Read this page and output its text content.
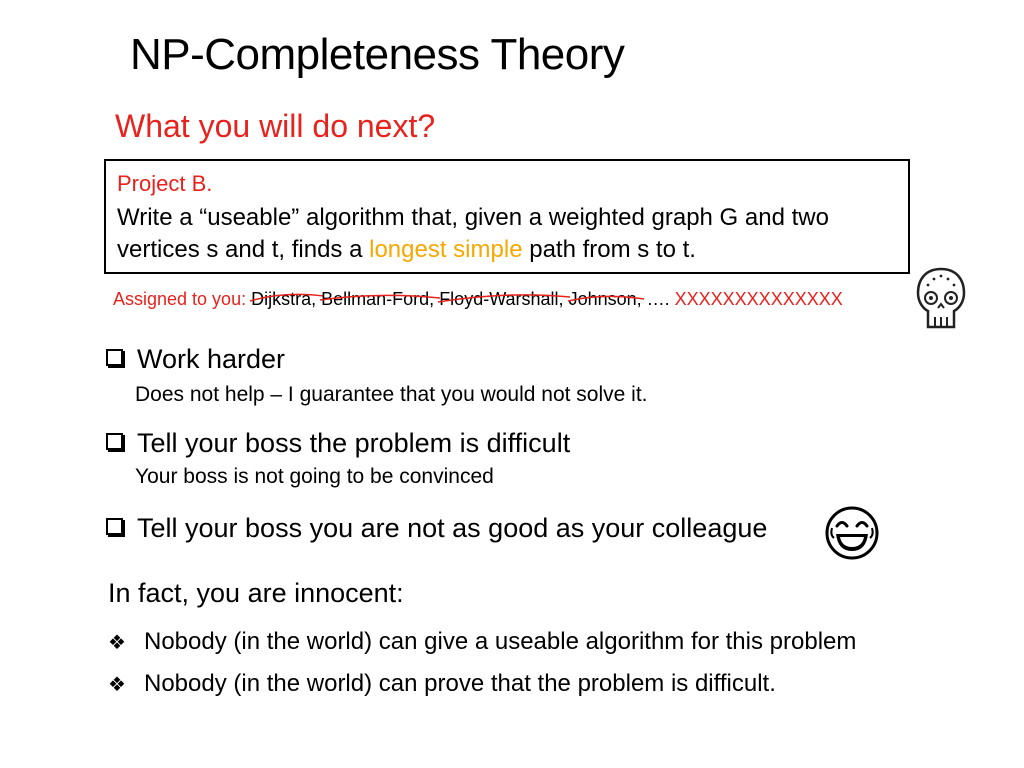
NP-Completeness Theory
What you will do next?
Project B.
Write a “useable” algorithm that, given a weighted graph G and two
vertices s and t, finds a longest simple path from s to t.
Assigned to you: Dijkstra
, Bellman-Ford
, Floyd-Warshall
, Johnson
, …. XXXXXXXXXXXXXX
Work harder
Does not help – I guarantee that you would not solve it.
Tell your boss the problem is difficult
Your boss is not going to be convinced
Tell your boss you are not as good as your colleague
In fact, you are innocent:
❖ Nobody (in the world) can give a useable algorithm for this problem
❖ Nobody (in the world) can prove that the problem is difficult.
